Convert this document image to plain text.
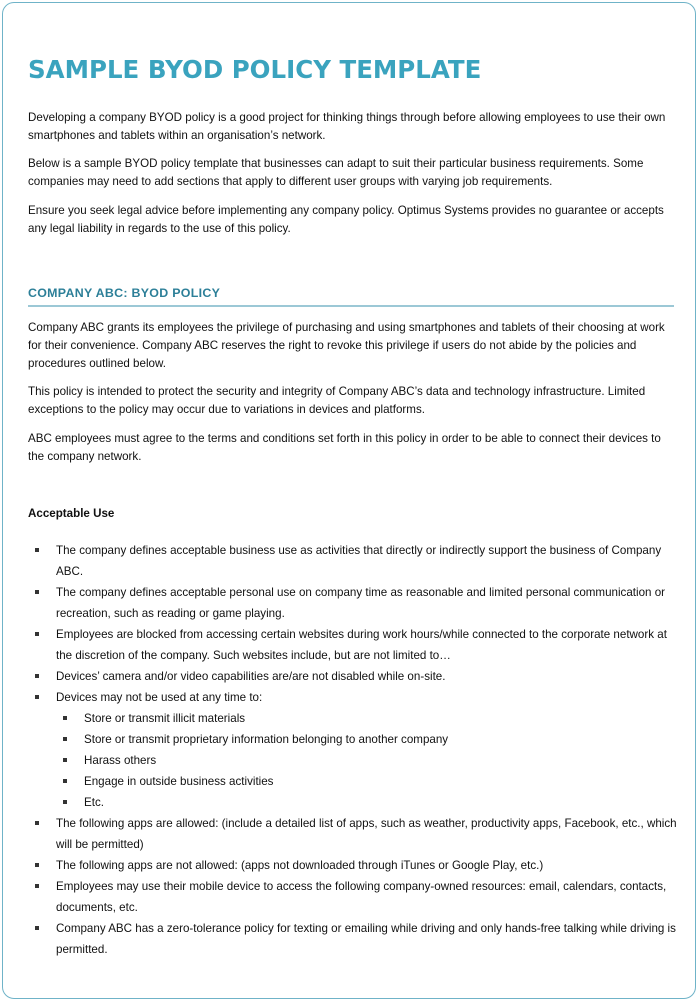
SAMPLE BYOD POLICY TEMPLATE

Developing a company BYOD policy is a good project for thinking things through before allowing employees to use their own smartphones and tablets within an organisation’s network.

Below is a sample BYOD policy template that businesses can adapt to suit their particular business requirements. Some companies may need to add sections that apply to different user groups with varying job requirements.

Ensure you seek legal advice before implementing any company policy. Optimus Systems provides no guarantee or accepts any legal liability in regards to the use of this policy.

COMPANY ABC: BYOD POLICY

Company ABC grants its employees the privilege of purchasing and using smartphones and tablets of their choosing at work for their convenience. Company ABC reserves the right to revoke this privilege if users do not abide by the policies and procedures outlined below.

This policy is intended to protect the security and integrity of Company ABC’s data and technology infrastructure. Limited exceptions to the policy may occur due to variations in devices and platforms.

ABC employees must agree to the terms and conditions set forth in this policy in order to be able to connect their devices to the company network.

Acceptable Use
The company defines acceptable business use as activities that directly or indirectly support the business of Company ABC.
The company defines acceptable personal use on company time as reasonable and limited personal communication or recreation, such as reading or game playing.
Employees are blocked from accessing certain websites during work hours/while connected to the corporate network at the discretion of the company. Such websites include, but are not limited to…
Devices’ camera and/or video capabilities are/are not disabled while on-site.
Devices may not be used at any time to:
Store or transmit illicit materials
Store or transmit proprietary information belonging to another company
Harass others
Engage in outside business activities
Etc.
The following apps are allowed: (include a detailed list of apps, such as weather, productivity apps, Facebook, etc., which will be permitted)
The following apps are not allowed: (apps not downloaded through iTunes or Google Play, etc.)
Employees may use their mobile device to access the following company-owned resources: email, calendars, contacts, documents, etc.
Company ABC has a zero-tolerance policy for texting or emailing while driving and only hands-free talking while driving is permitted.
